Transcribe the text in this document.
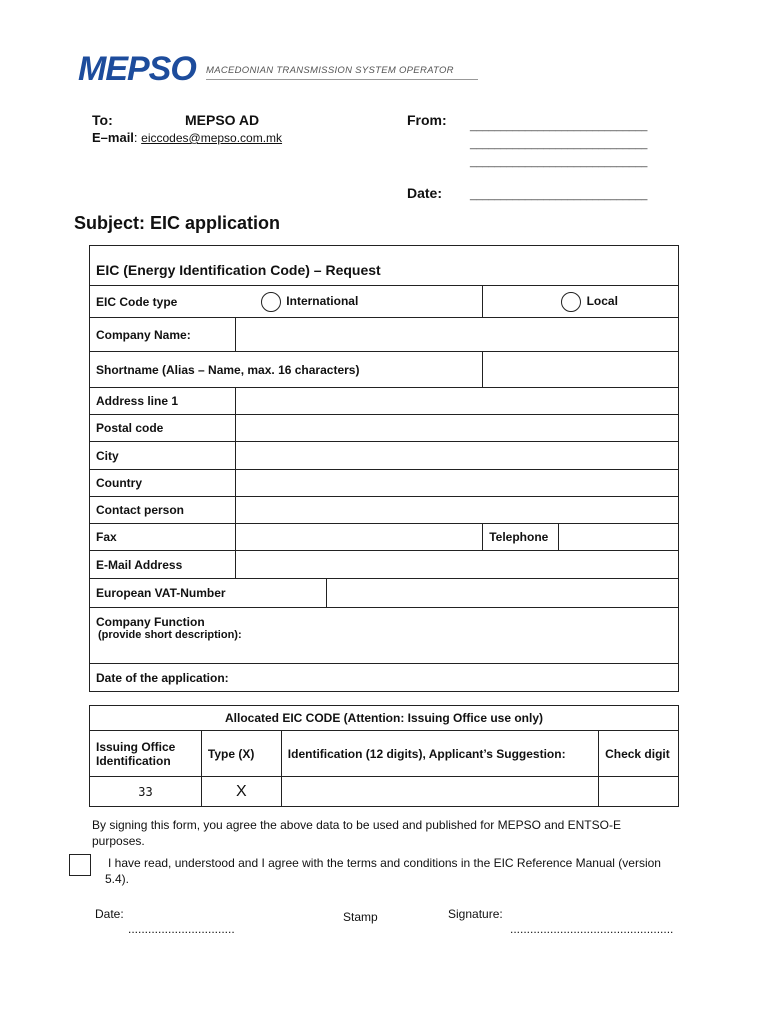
MEPSO MACEDONIAN TRANSMISSION SYSTEM OPERATOR
To:	MEPSO AD
E–mail: eiccodes@mepso.com.mk
From: _____________________________
_____________________________
_____________________________
Date:	_____________________________
Subject: EIC application
EIC (Energy Identification Code) – Request				
EIC Code type		International	Local	
Company Name:				
Shortname (Alias – Name, max. 16 characters)				
Address line 1				
Postal code				
City				
Country				
Contact person				
Fax			Telephone	
E-Mail Address				
European VAT-Number				

Company Function
(provide short description):				

Date of the application:				
Allocated EIC CODE (Attention: Issuing Office use only)			
Issuing Office Identification	Type (X)	Identification (12 digits), Applicant’s Suggestion:	Check digit
33	X		
By signing this form, you agree the above data to be used and published for MEPSO and ENTSO-E purposes.
I have read, understood and I agree with the terms and conditions in the EIC Reference Manual (version 5.4).
Date:
................................
Stamp	Signature:
.................................................
